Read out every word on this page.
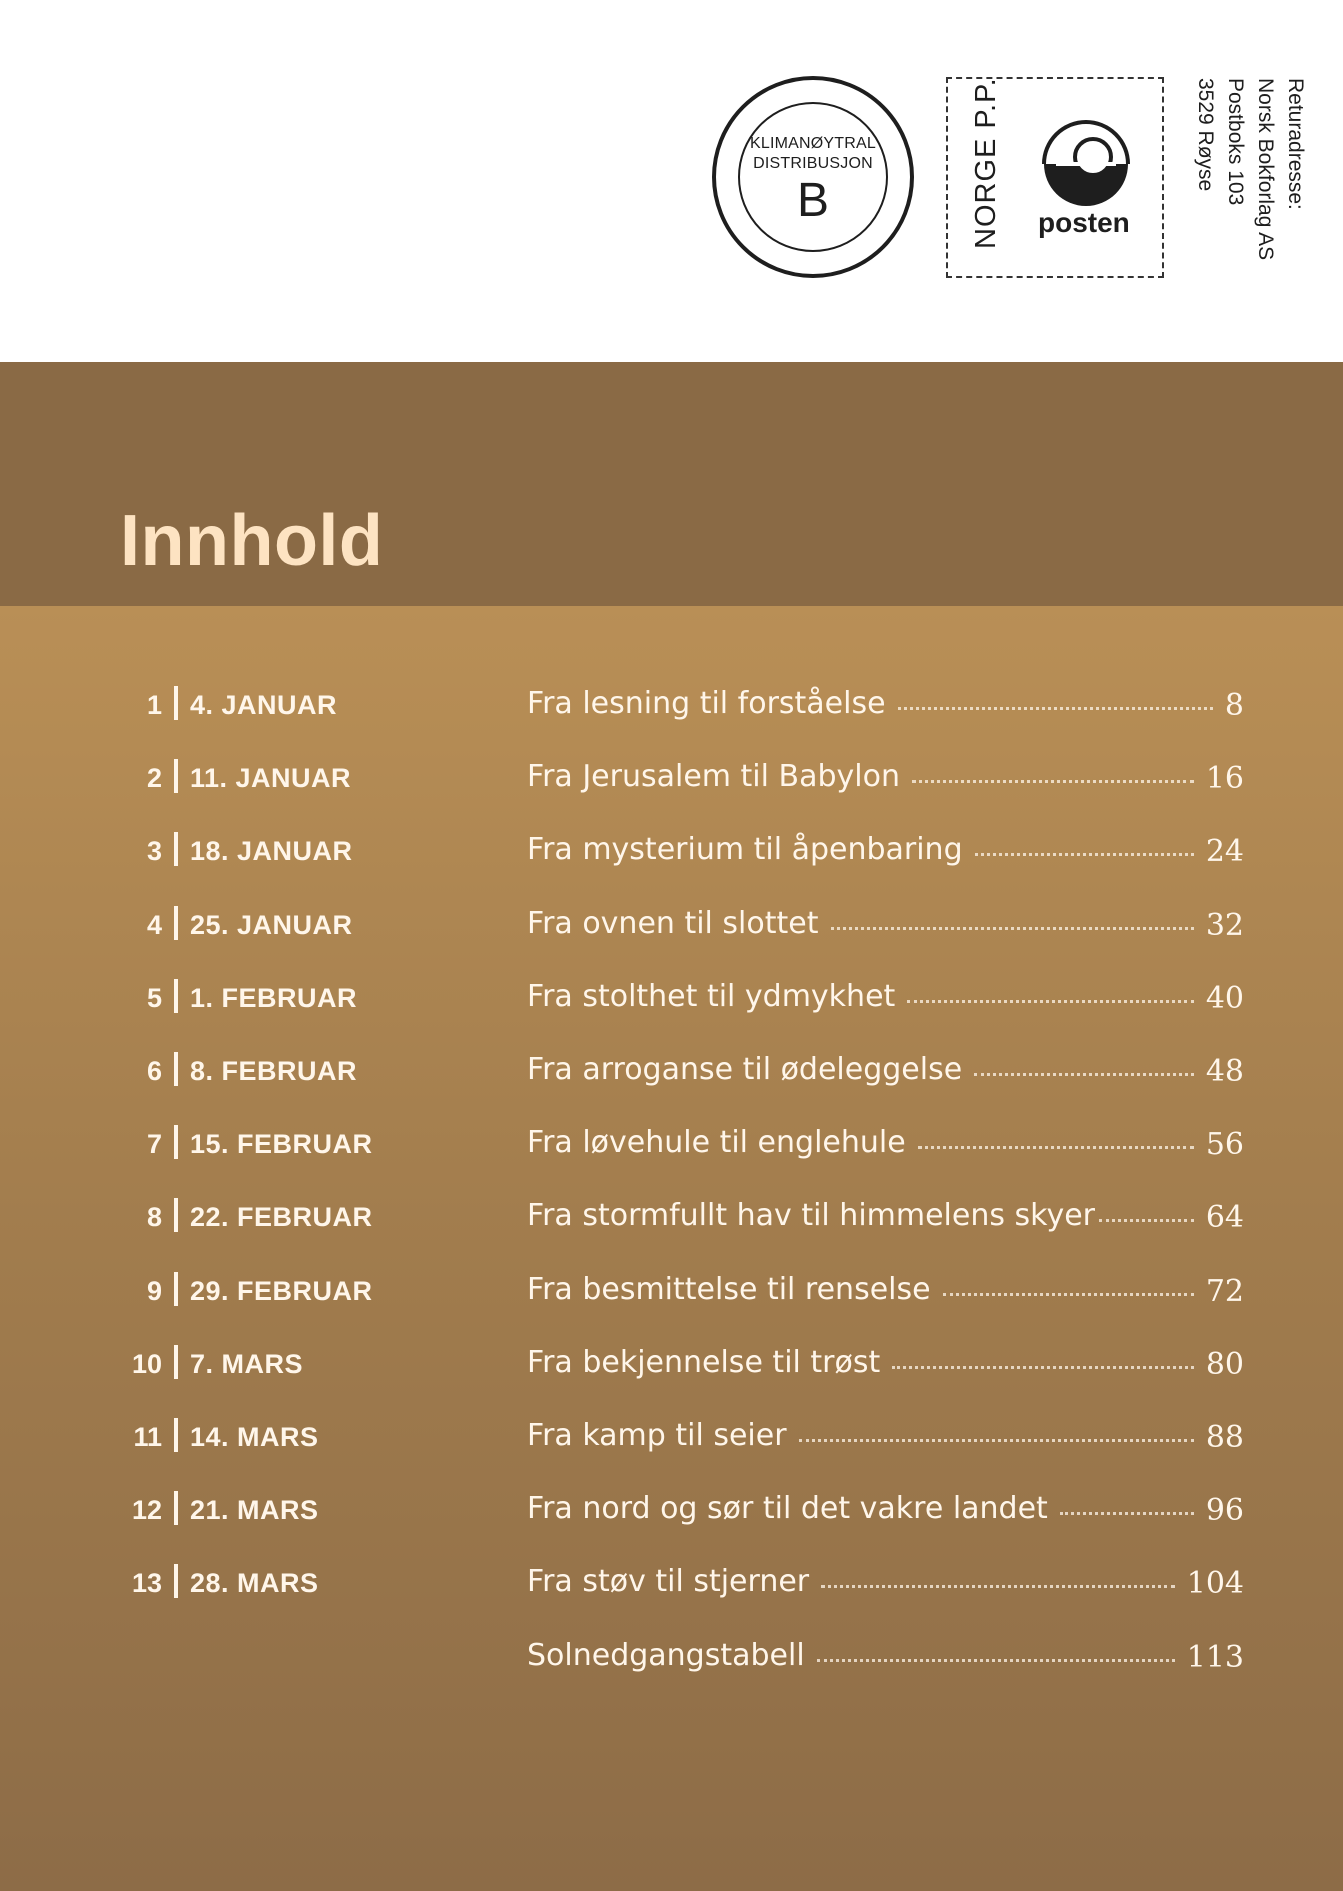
KLIMANØYTRAL
DISTRIBUSJON
B	NORGE P.P. posten
Returadresse:
Norsk Bokforlag AS
Postboks 103
3529 Røyse
Innhold
1 4. JANUAR	Fra lesning til forståelse	8
2 11. JANUAR	Fra Jerusalem til Babylon	16
3 18. JANUAR	Fra mysterium til åpenbaring	24
4 25. JANUAR	Fra ovnen til slottet	32
5 1. FEBRUAR	Fra stolthet til ydmykhet	40
6 8. FEBRUAR	Fra arroganse til ødeleggelse	48
7 15. FEBRUAR	Fra løvehule til englehule	56
8 22. FEBRUAR	Fra stormfullt hav til himmelens skyer	64
9 29. FEBRUAR	Fra besmittelse til renselse	72
10 7. MARS	Fra bekjennelse til trøst	80
11 14. MARS	Fra kamp til seier	88
12 21. MARS	Fra nord og sør til det vakre landet	96
13 28. MARS	Fra støv til stjerner	104
Solnedgangstabell	113
